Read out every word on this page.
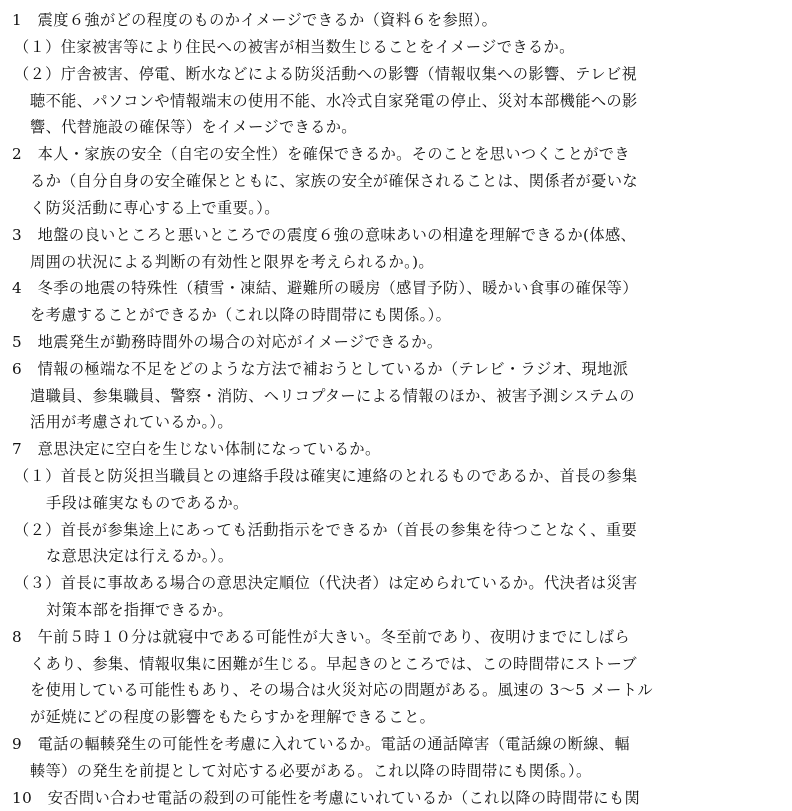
1　震度６強がどの程度のものかイメージできるか（資料６を参照）。
（１）住家被害等により住民への被害が相当数生じることをイメージできるか。
（２）庁舎被害、停電、断水などによる防災活動への影響（情報収集への影響、テレビ視
聴不能、パソコンや情報端末の使用不能、水冷式自家発電の停止、災対本部機能への影
響、代替施設の確保等）をイメージできるか。
2　本人・家族の安全（自宅の安全性）を確保できるか。そのことを思いつくことができ
るか（自分自身の安全確保とともに、家族の安全が確保されることは、関係者が憂いな
く防災活動に専心する上で重要。）。
3　地盤の良いところと悪いところでの震度６強の意味あいの相違を理解できるか(体感、
周囲の状況による判断の有効性と限界を考えられるか。)。
4　冬季の地震の特殊性（積雪・凍結、避難所の暖房（感冒予防）、暖かい食事の確保等）
を考慮することができるか（これ以降の時間帯にも関係。）。
5　地震発生が勤務時間外の場合の対応がイメージできるか。
6　情報の極端な不足をどのような方法で補おうとしているか（テレビ・ラジオ、現地派
遣職員、参集職員、警察・消防、ヘリコプターによる情報のほか、被害予測システムの
活用が考慮されているか。）。
7　意思決定に空白を生じない体制になっているか。
（１）首長と防災担当職員との連絡手段は確実に連絡のとれるものであるか、首長の参集
手段は確実なものであるか。
（２）首長が参集途上にあっても活動指示をできるか（首長の参集を待つことなく、重要
な意思決定は行えるか。）。
（３）首長に事故ある場合の意思決定順位（代決者）は定められているか。代決者は災害
対策本部を指揮できるか。
8　午前５時１０分は就寝中である可能性が大きい。冬至前であり、夜明けまでにしばら
くあり、参集、情報収集に困難が生じる。早起きのところでは、この時間帯にストーブ
を使用している可能性もあり、その場合は火災対応の問題がある。風速の 3～5 メートル
が延焼にどの程度の影響をもたらすかを理解できること。
9　電話の輻輳発生の可能性を考慮に入れているか。電話の通話障害（電話線の断線、輻
輳等）の発生を前提として対応する必要がある。これ以降の時間帯にも関係。）。
10　安否問い合わせ電話の殺到の可能性を考慮にいれているか（これ以降の時間帯にも関
